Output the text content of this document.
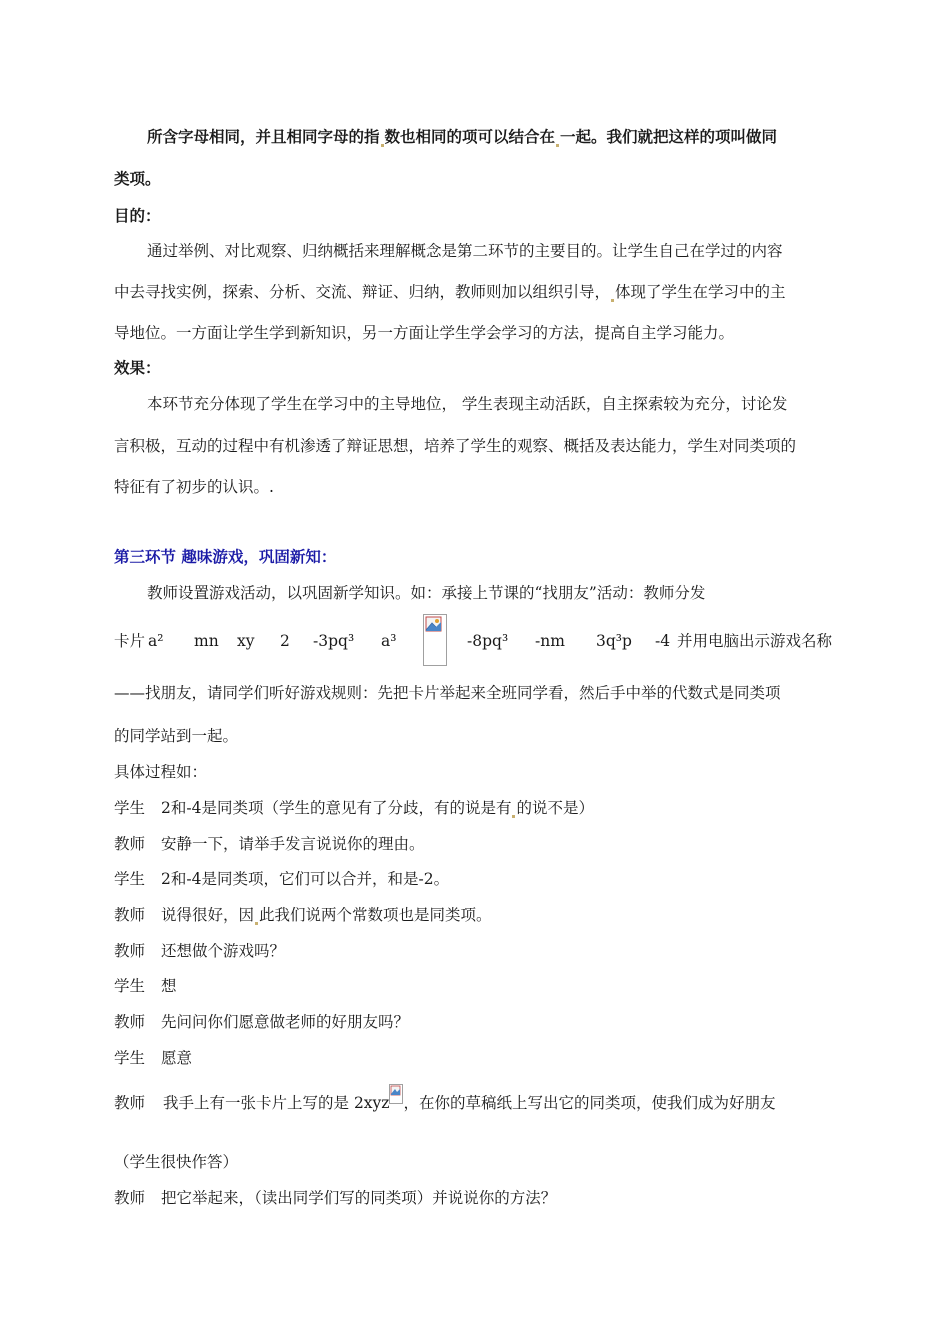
所含字母相同，并且相同字母的指 数也相同的项可以结合在 一起。我们就把这样的项叫做同
类项。
目的：
通过举例、对比观察、归纳概括来理解概念是第二环节的主要目的。让学生自己在学过的内容
中去寻找实例，探索、分析、交流、辩证、归纳，教师则加以组织引导， 体现了学生在学习中的主
导地位。一方面让学生学到新知识，另一方面让学生学会学习的方法，提高自主学习能力。
效果：
本环节充分体现了学生在学习中的主导地位， 学生表现主动活跃，自主探索较为充分，讨论发
言积极，互动的过程中有机渗透了辩证思想，培养了学生的观察、概括及表达能力，学生对同类项的
特征有了初步的认识。.
第三环节 趣味游戏，巩固新知：
教师设置游戏活动，以巩固新学知识。如：承接上节课的“找朋友”活动：教师分发
卡片 a² mn xy 2 -3pq³ a³	-8pq³ -nm 3q³p -4 并用电脑出示游戏名称
——找朋友，请同学们听好游戏规则：先把卡片举起来全班同学看，然后手中举的代数式是同类项
的同学站到一起。
具体过程如：
学生 2和-4是同类项（学生的意见有了分歧，有的说是有 的说不是）
教师 安静一下，请举手发言说说你的理由。
学生 2和-4是同类项，它们可以合并，和是-2。
教师 说得很好，因 此我们说两个常数项也是同类项。
教师 还想做个游戏吗？
学生 想
教师 先问问你们愿意做老师的好朋友吗？
学生 愿意
教师 我手上有一张卡片上写的是 2xyz ，在你的草稿纸上写出它的同类项，使我们成为好朋友
（学生很快作答）
教师 把它举起来，（读出同学们写的同类项）并说说你的方法？
